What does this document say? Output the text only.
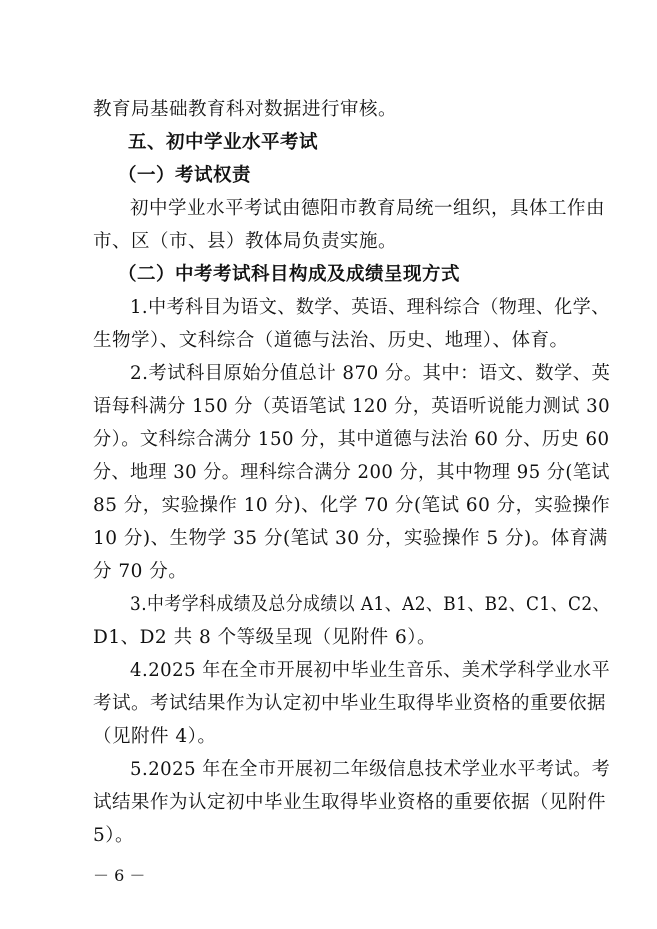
教育局基础教育科对数据进行审核。
五、初中学业水平考试
（一）考试权责
初中学业水平考试由德阳市教育局统一组织，具体工作由
市、区（市、县）教体局负责实施。
（二）中考考试科目构成及成绩呈现方式
1.中考科目为语文、数学、英语、理科综合（物理、化学、
生物学）、文科综合（道德与法治、历史、地理）、体育。
2.考试科目原始分值总计 870 分。其中：语文、数学、英
语每科满分 150 分（英语笔试 120 分，英语听说能力测试 30
分）。文科综合满分 150 分，其中道德与法治 60 分、历史 60
分、地理 30 分。理科综合满分 200 分，其中物理 95 分(笔试
85 分，实验操作 10 分)、化学 70 分(笔试 60 分，实验操作
10 分)、生物学 35 分(笔试 30 分，实验操作 5 分)。体育满
分 70 分。
3.中考学科成绩及总分成绩以 A1、A2、B1、B2、C1、C2、
D1、D2 共 8 个等级呈现（见附件 6）。
4.2025 年在全市开展初中毕业生音乐、美术学科学业水平
考试。考试结果作为认定初中毕业生取得毕业资格的重要依据
（见附件 4）。
5.2025 年在全市开展初二年级信息技术学业水平考试。考
试结果作为认定初中毕业生取得毕业资格的重要依据（见附件
5）。
－ 6 －
